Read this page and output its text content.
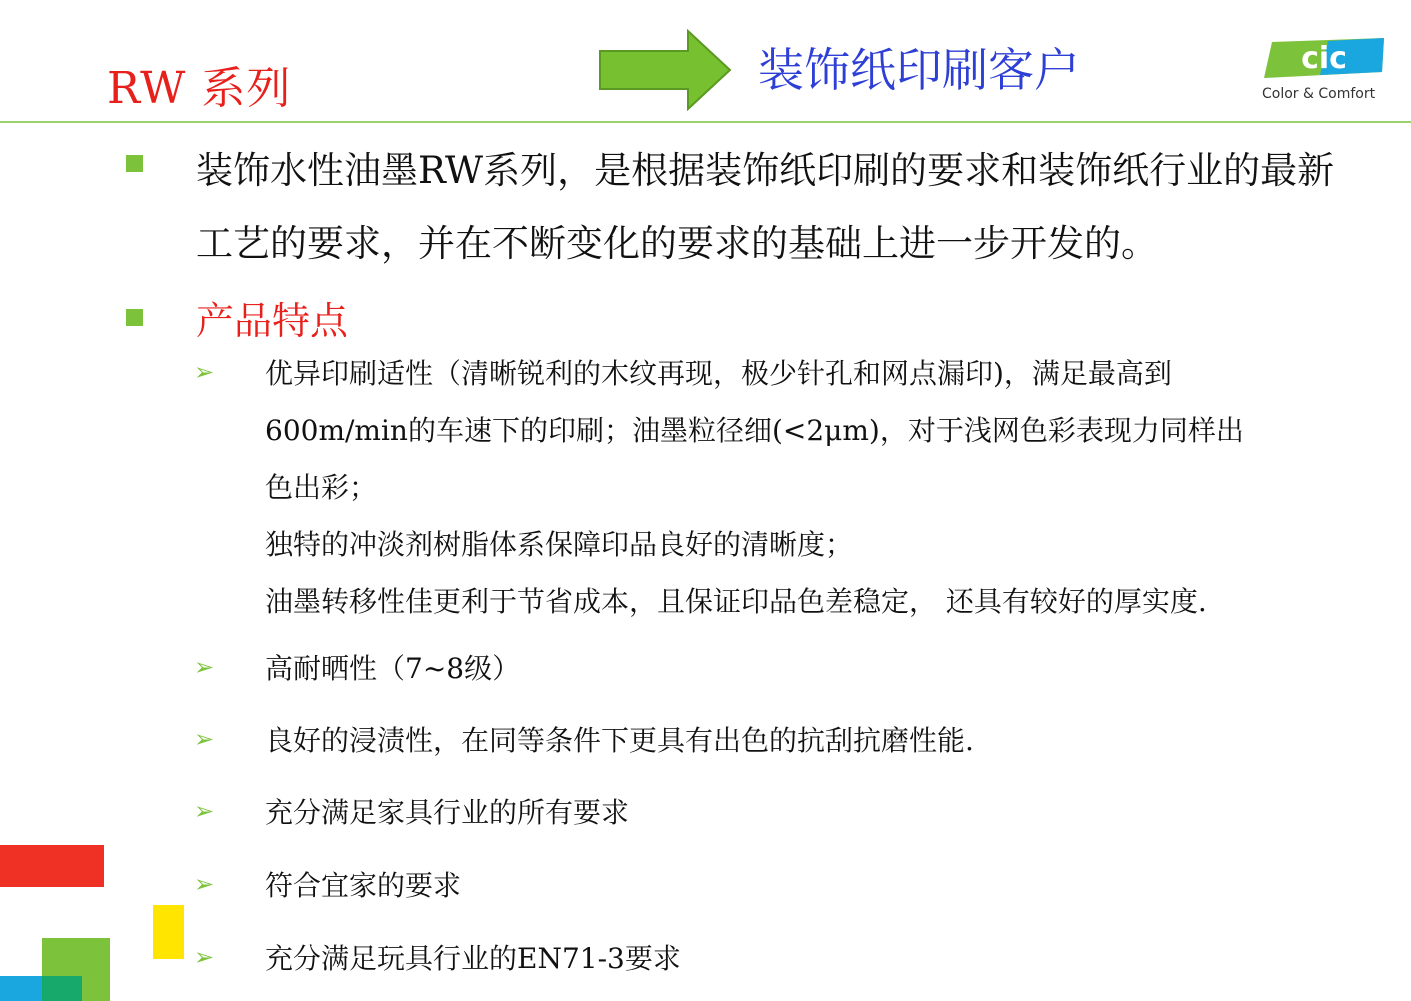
RW 系列	装饰纸印刷客户	cic
Color & Comfort
装饰水性油墨RW系列，是根据装饰纸印刷的要求和装饰纸行业的最新工艺的要求，并在不断变化的要求的基础上进一步开发的。
产品特点
➢ 优异印刷适性（清晰锐利的木纹再现，极少针孔和网点漏印)，满足最高到
600m/min的车速下的印刷；油墨粒径细(<2μm)，对于浅网色彩表现力同样出
色出彩；
独特的冲淡剂树脂体系保障印品良好的清晰度；
油墨转移性佳更利于节省成本，且保证印品色差稳定， 还具有较好的厚实度.
➢ 高耐晒性（7~8级）
➢ 良好的浸渍性，在同等条件下更具有出色的抗刮抗磨性能.
➢ 充分满足家具行业的所有要求
➢ 符合宜家的要求
➢ 充分满足玩具行业的EN71-3要求
